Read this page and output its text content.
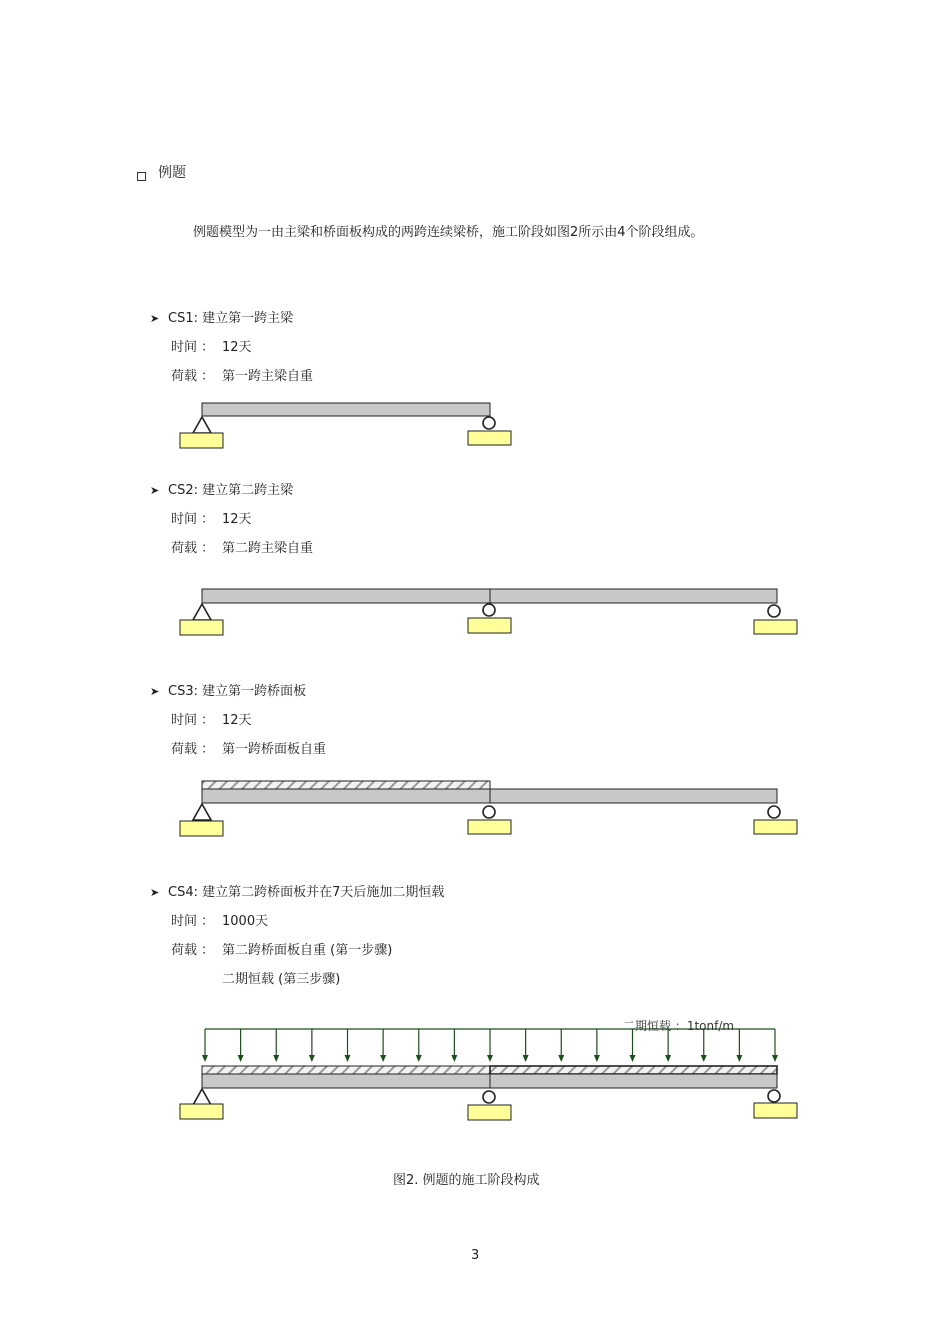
例题
例题模型为一由主梁和桥面板构成的两跨连续梁桥，施工阶段如图2所示由4个阶段组成。
➤ CS1: 建立第一跨主梁
时间 ： 12天
荷载 ： 第一跨主梁自重
➤ CS2: 建立第二跨主梁
时间 ： 12天
荷载 ： 第二跨主梁自重
➤ CS3: 建立第一跨桥面板
时间 ： 12天
荷载 ： 第一跨桥面板自重
➤ CS4: 建立第二跨桥面板并在7天后施加二期恒载
时间 ： 1000天
荷载 ： 第二跨桥面板自重 (第一步骤)
二期恒载 (第三步骤)
二期恒载 ：1tonf/m
图2. 例题的施工阶段构成
3
